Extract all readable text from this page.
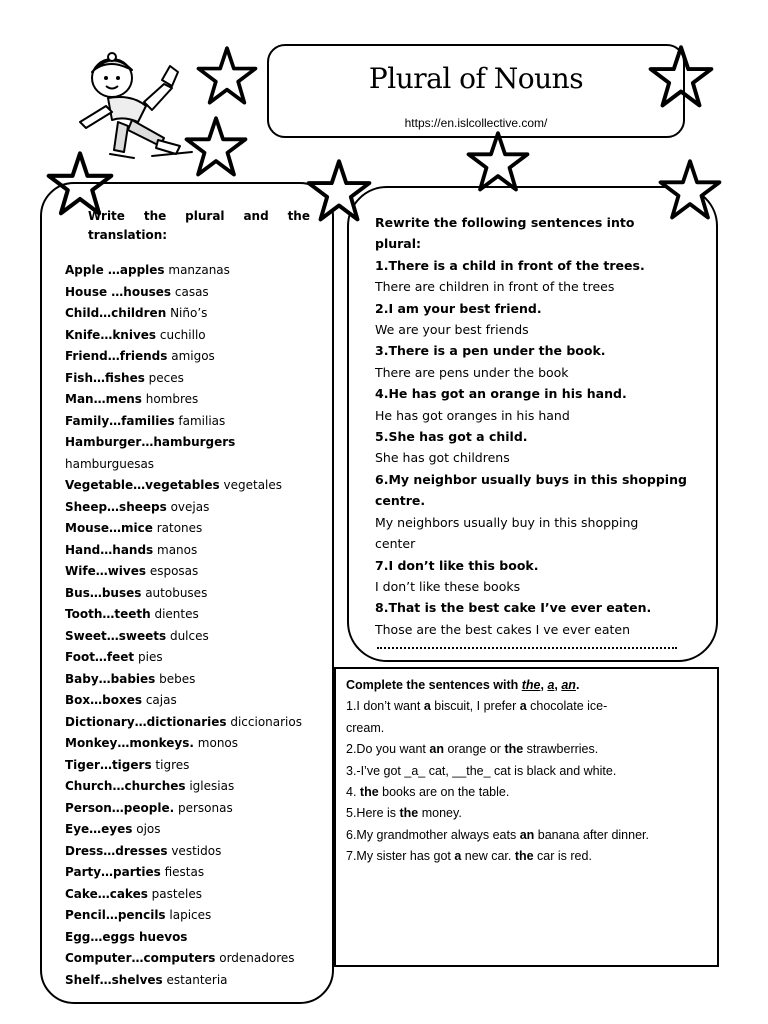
Plural of Nouns
https://en.islcollective.com/
Write the plural and the
translation:
Apple …apples manzanas
House …houses casas
Child…children Niño’s
Knife…knives cuchillo
Friend…friends amigos
Fish…fishes peces
Man…mens hombres
Family…families familias
Hamburger…hamburgers
hamburguesas
Vegetable…vegetables vegetales
Sheep…sheeps ovejas
Mouse…mice ratones
Hand…hands manos
Wife…wives esposas
Bus…buses autobuses
Tooth…teeth dientes
Sweet…sweets dulces
Foot…feet pies
Baby…babies bebes
Box…boxes cajas
Dictionary…dictionaries diccionarios
Monkey…monkeys. monos
Tiger…tigers tigres
Church…churches iglesias
Person…people. personas
Eye…eyes ojos
Dress…dresses vestidos
Party…parties fiestas
Cake…cakes pasteles
Pencil…pencils lapices
Egg…eggs huevos
Computer…computers ordenadores
Shelf…shelves estanteria
Rewrite the following sentences into
plural:
1.There is a child in front of the trees.
There are children in front of the trees
2.I am your best friend.
We are your best friends
3.There is a pen under the book.
There are pens under the book
4.He has got an orange in his hand.
He has got oranges in his hand
5.She has got a child.
She has got childrens
6.My neighbor usually buys in this shopping
centre.
My neighbors usually buy in this shopping
center
7.I don’t like this book.
I don’t like these books
8.That is the best cake I’ve ever eaten.
Those are the best cakes I ve ever eaten
Complete the sentences with the, a, an.
1.I don’t want a biscuit, I prefer a chocolate ice-
cream.
2.Do you want an orange or the strawberries.
3.-I’ve got _a_ cat, __the_ cat is black and white.
4. the books are on the table.
5.Here is the money.
6.My grandmother always eats an banana after dinner.
7.My sister has got a new car. the car is red.
